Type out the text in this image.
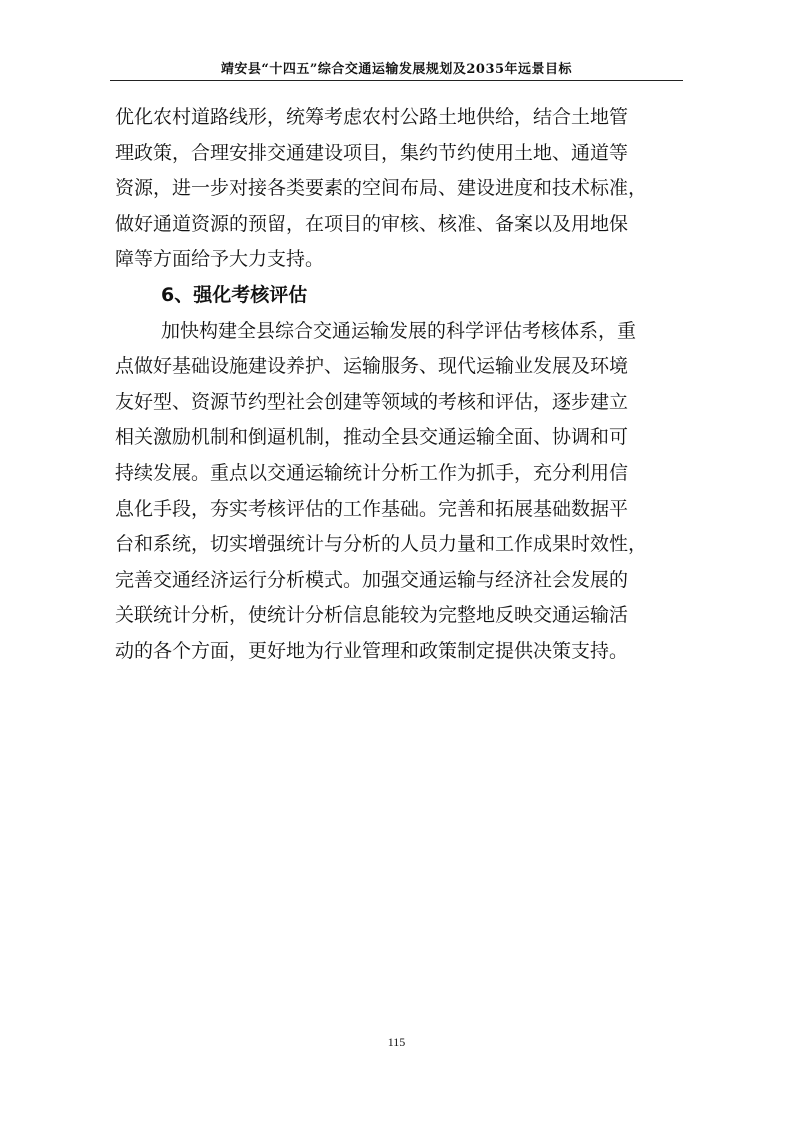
靖安县“十四五”综合交通运输发展规划及2035年远景目标
优化农村道路线形，统筹考虑农村公路土地供给，结合土地管
理政策，合理安排交通建设项目，集约节约使用土地、通道等
资源，进一步对接各类要素的空间布局、建设进度和技术标准，
做好通道资源的预留，在项目的审核、核准、备案以及用地保
障等方面给予大力支持。
6、强化考核评估
加快构建全县综合交通运输发展的科学评估考核体系，重
点做好基础设施建设养护、运输服务、现代运输业发展及环境
友好型、资源节约型社会创建等领域的考核和评估，逐步建立
相关激励机制和倒逼机制，推动全县交通运输全面、协调和可
持续发展。重点以交通运输统计分析工作为抓手，充分利用信
息化手段，夯实考核评估的工作基础。完善和拓展基础数据平
台和系统，切实增强统计与分析的人员力量和工作成果时效性，
完善交通经济运行分析模式。加强交通运输与经济社会发展的
关联统计分析，使统计分析信息能较为完整地反映交通运输活
动的各个方面，更好地为行业管理和政策制定提供决策支持。
115
